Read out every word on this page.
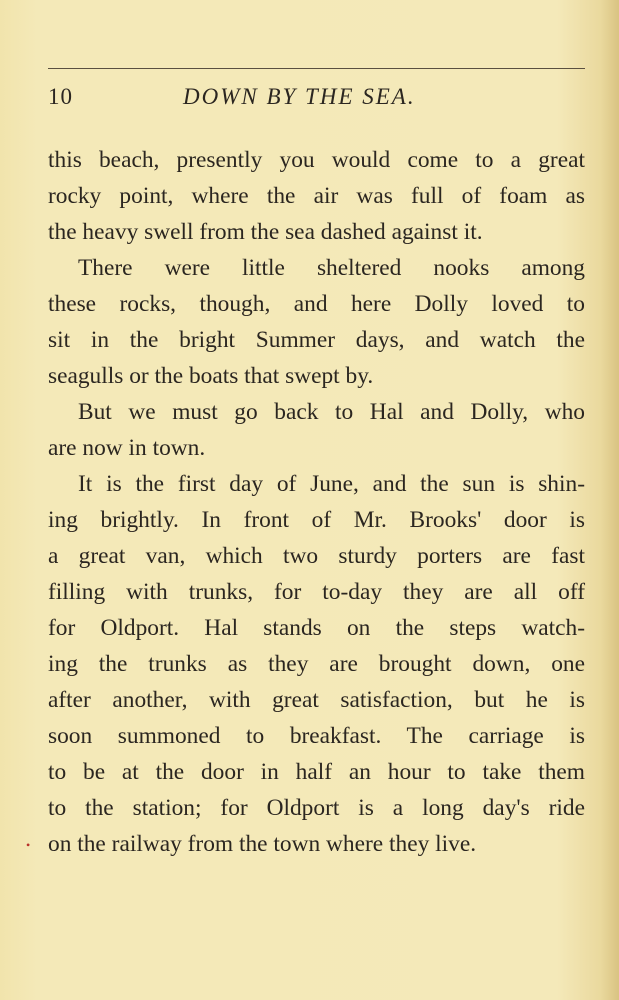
10	DOWN BY THE SEA.
this beach, presently you would come to a great
rocky point, where the air was full of foam as
the heavy swell from the sea dashed against it.
There were little sheltered nooks among
these rocks, though, and here Dolly loved to
sit in the bright Summer days, and watch the
seagulls or the boats that swept by.
But we must go back to Hal and Dolly, who
are now in town.
It is the first day of June, and the sun is shin-
ing brightly. In front of Mr. Brooks' door is
a great van, which two sturdy porters are fast
filling with trunks, for to-day they are all off
for Oldport. Hal stands on the steps watch-
ing the trunks as they are brought down, one
after another, with great satisfaction, but he is
soon summoned to breakfast. The carriage is
to be at the door in half an hour to take them
to the station; for Oldport is a long day's ride
on the railway from the town where they live.
•
